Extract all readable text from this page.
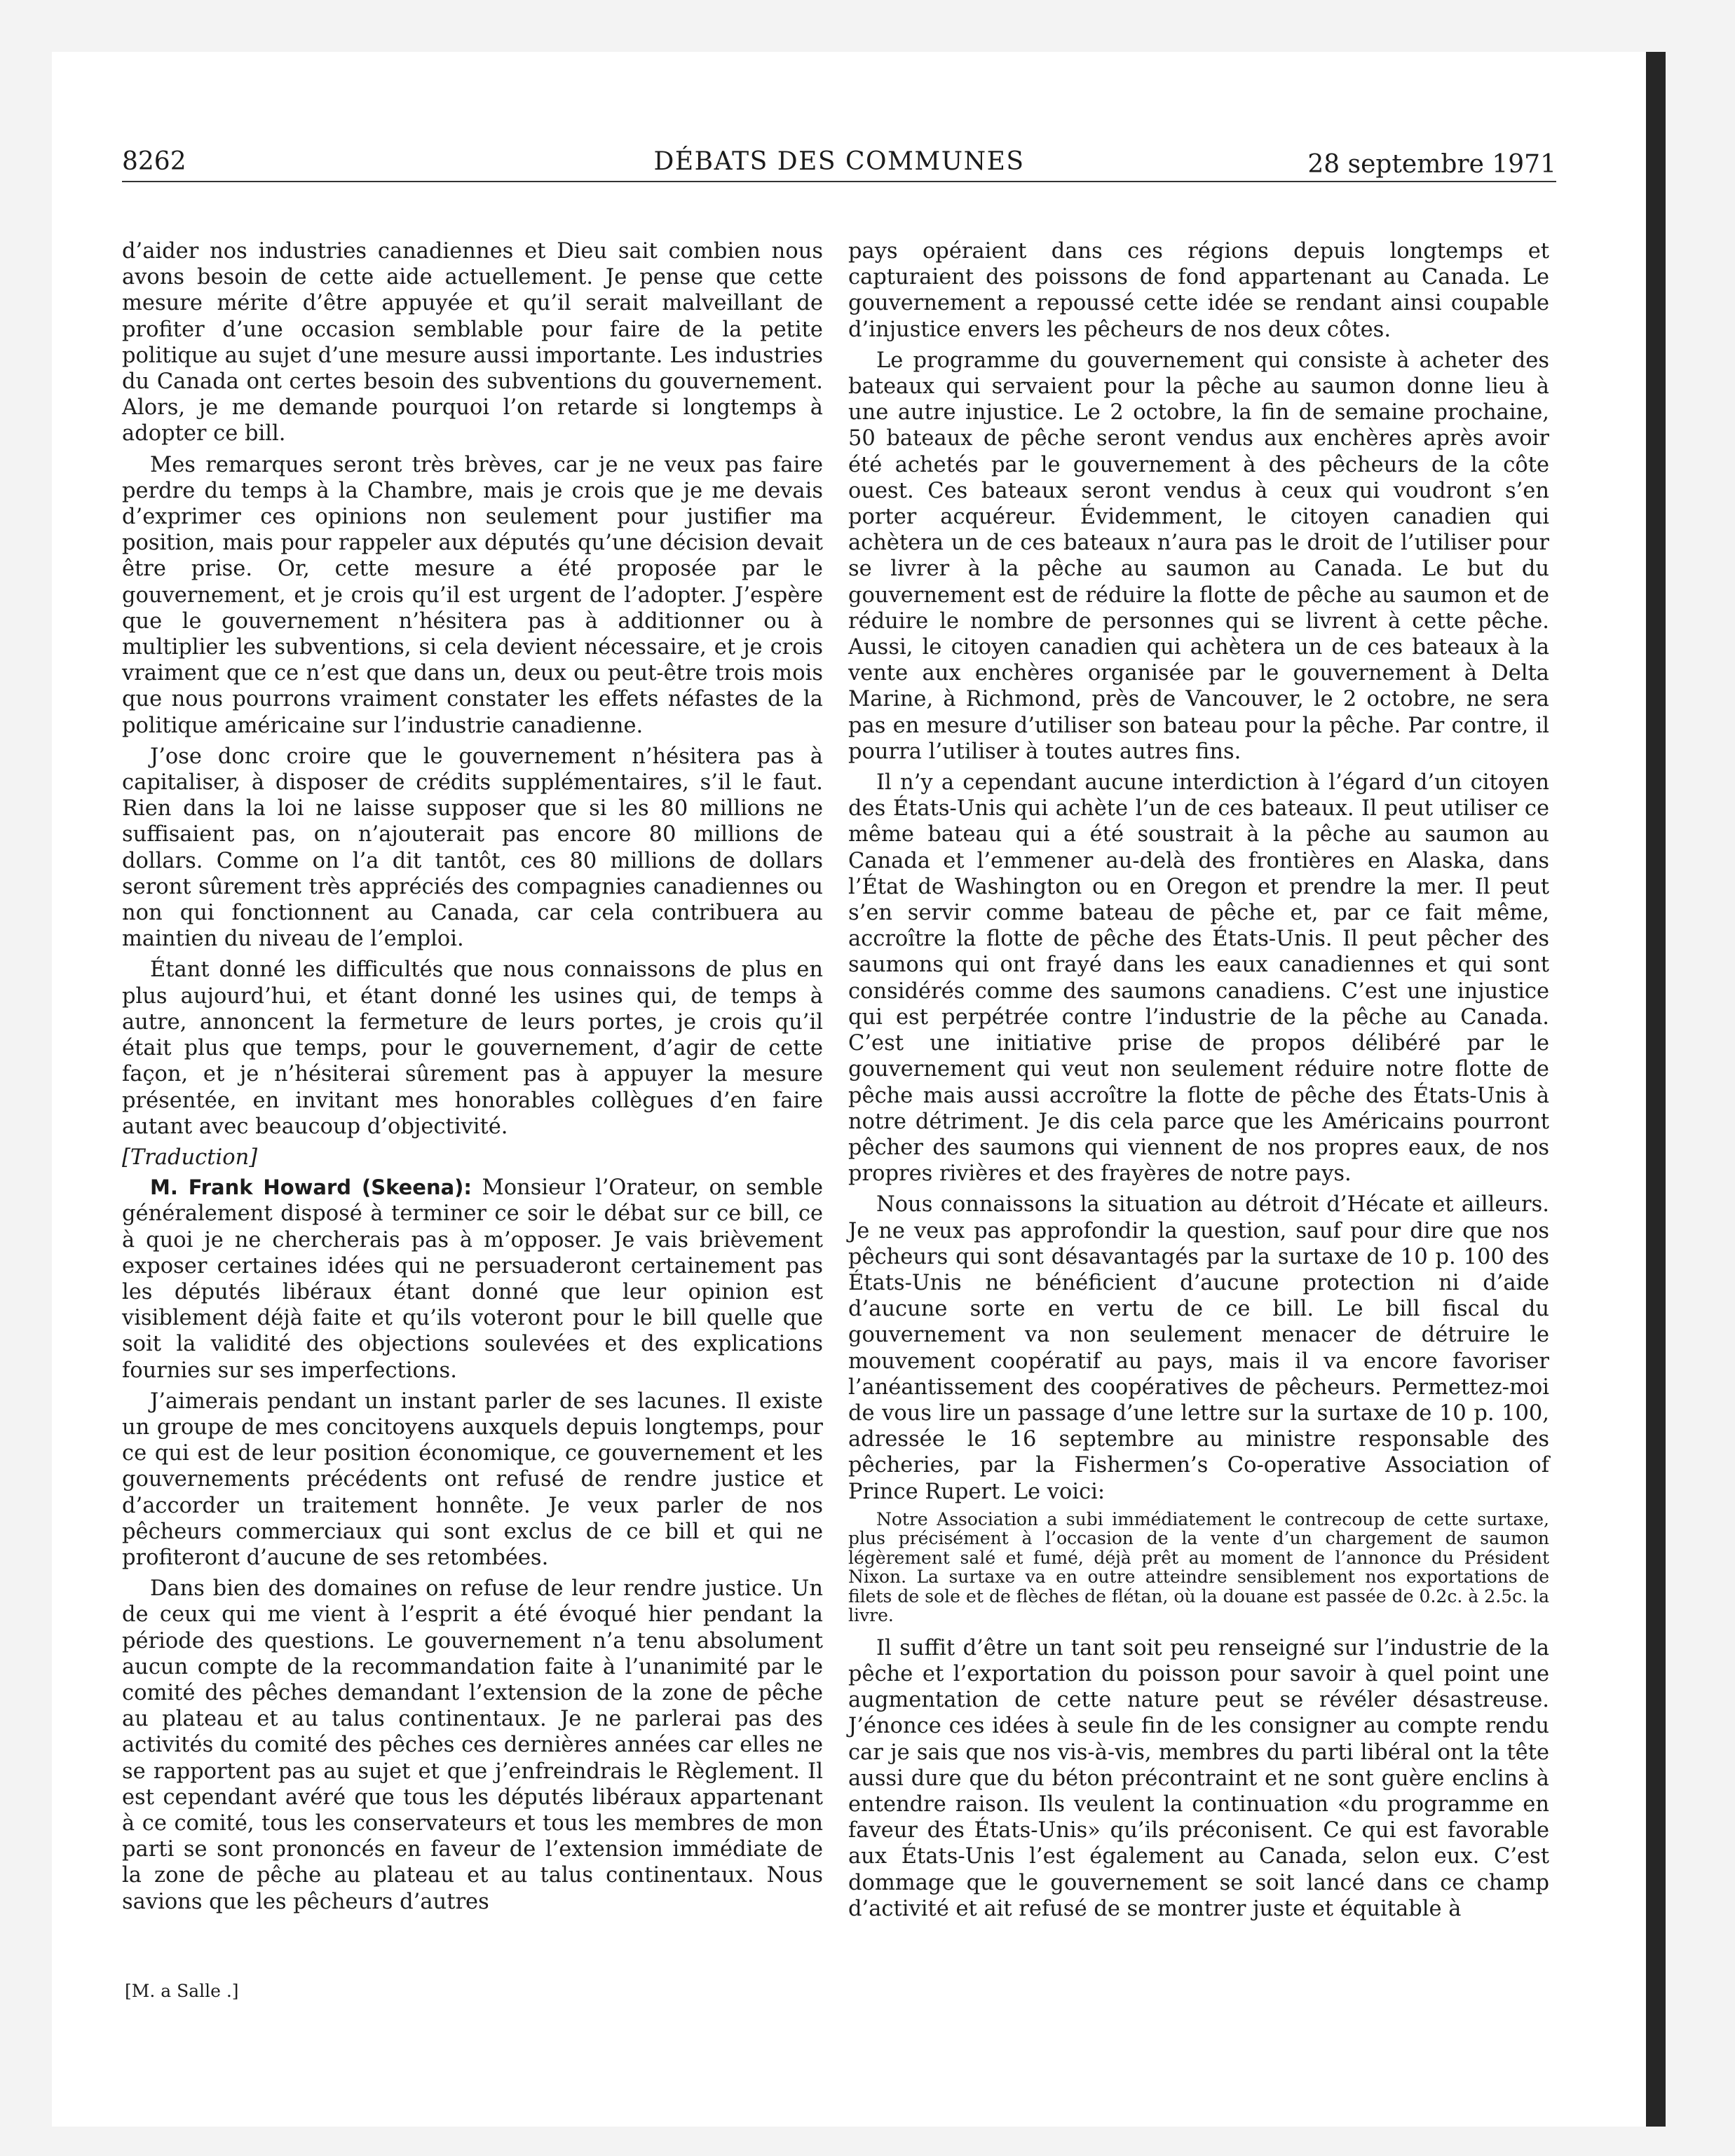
8262	DÉBATS DES COMMUNES	28 septembre 1971

d’aider nos industries canadiennes et Dieu sait combien nous avons besoin de cette aide actuellement. Je pense que cette mesure mérite d’être appuyée et qu’il serait malveillant de profiter d’une occasion semblable pour faire de la petite politique au sujet d’une mesure aussi importante. Les industries du Canada ont certes besoin des subventions du gouvernement. Alors, je me demande pourquoi l’on retarde si longtemps à adopter ce bill.

Mes remarques seront très brèves, car je ne veux pas faire perdre du temps à la Chambre, mais je crois que je me devais d’exprimer ces opinions non seulement pour justifier ma position, mais pour rappeler aux députés qu’une décision devait être prise. Or, cette mesure a été proposée par le gouvernement, et je crois qu’il est urgent de l’adopter. J’espère que le gouvernement n’hésitera pas à additionner ou à multiplier les subventions, si cela devient nécessaire, et je crois vraiment que ce n’est que dans un, deux ou peut-être trois mois que nous pourrons vraiment constater les effets néfastes de la politique américaine sur l’industrie canadienne.

J’ose donc croire que le gouvernement n’hésitera pas à capitaliser, à disposer de crédits supplémentaires, s’il le faut. Rien dans la loi ne laisse supposer que si les 80 millions ne suffisaient pas, on n’ajouterait pas encore 80 millions de dollars. Comme on l’a dit tantôt, ces 80 millions de dollars seront sûrement très appréciés des compagnies canadiennes ou non qui fonctionnent au Canada, car cela contribuera au maintien du niveau de l’emploi.

Étant donné les difficultés que nous connaissons de plus en plus aujourd’hui, et étant donné les usines qui, de temps à autre, annoncent la fermeture de leurs portes, je crois qu’il était plus que temps, pour le gouvernement, d’agir de cette façon, et je n’hésiterai sûrement pas à appuyer la mesure présentée, en invitant mes honorables collègues d’en faire autant avec beaucoup d’objectivité.

[Traduction]

M. Frank Howard (Skeena): Monsieur l’Orateur, on semble généralement disposé à terminer ce soir le débat sur ce bill, ce à quoi je ne chercherais pas à m’opposer. Je vais brièvement exposer certaines idées qui ne persuaderont certainement pas les députés libéraux étant donné que leur opinion est visiblement déjà faite et qu’ils voteront pour le bill quelle que soit la validité des objections soulevées et des explications fournies sur ses imperfections.

J’aimerais pendant un instant parler de ses lacunes. Il existe un groupe de mes concitoyens auxquels depuis longtemps, pour ce qui est de leur position économique, ce gouvernement et les gouvernements précédents ont refusé de rendre justice et d’accorder un traitement honnête. Je veux parler de nos pêcheurs commerciaux qui sont exclus de ce bill et qui ne profiteront d’aucune de ses retombées.

Dans bien des domaines on refuse de leur rendre justice. Un de ceux qui me vient à l’esprit a été évoqué hier pendant la période des questions. Le gouvernement n’a tenu absolument aucun compte de la recommandation faite à l’unanimité par le comité des pêches demandant l’extension de la zone de pêche au plateau et au talus continentaux. Je ne parlerai pas des activités du comité des pêches ces dernières années car elles ne se rapportent pas au sujet et que j’enfreindrais le Règlement. Il est cependant avéré que tous les députés libéraux appartenant à ce comité, tous les conservateurs et tous les membres de mon parti se sont prononcés en faveur de l’extension immédiate de la zone de pêche au plateau et au talus continentaux. Nous savions que les pêcheurs d’autres

pays opéraient dans ces régions depuis longtemps et capturaient des poissons de fond appartenant au Canada. Le gouvernement a repoussé cette idée se rendant ainsi coupable d’injustice envers les pêcheurs de nos deux côtes.

Le programme du gouvernement qui consiste à acheter des bateaux qui servaient pour la pêche au saumon donne lieu à une autre injustice. Le 2 octobre, la fin de semaine prochaine, 50 bateaux de pêche seront vendus aux enchères après avoir été achetés par le gouvernement à des pêcheurs de la côte ouest. Ces bateaux seront vendus à ceux qui voudront s’en porter acquéreur. Évidemment, le citoyen canadien qui achètera un de ces bateaux n’aura pas le droit de l’utiliser pour se livrer à la pêche au saumon au Canada. Le but du gouvernement est de réduire la flotte de pêche au saumon et de réduire le nombre de personnes qui se livrent à cette pêche. Aussi, le citoyen canadien qui achètera un de ces bateaux à la vente aux enchères organisée par le gouvernement à Delta Marine, à Richmond, près de Vancouver, le 2 octobre, ne sera pas en mesure d’utiliser son bateau pour la pêche. Par contre, il pourra l’utiliser à toutes autres fins.

Il n’y a cependant aucune interdiction à l’égard d’un citoyen des États-Unis qui achète l’un de ces bateaux. Il peut utiliser ce même bateau qui a été soustrait à la pêche au saumon au Canada et l’emmener au-delà des frontières en Alaska, dans l’État de Washington ou en Oregon et prendre la mer. Il peut s’en servir comme bateau de pêche et, par ce fait même, accroître la flotte de pêche des États-Unis. Il peut pêcher des saumons qui ont frayé dans les eaux canadiennes et qui sont considérés comme des saumons canadiens. C’est une injustice qui est perpétrée contre l’industrie de la pêche au Canada. C’est une initiative prise de propos délibéré par le gouvernement qui veut non seulement réduire notre flotte de pêche mais aussi accroître la flotte de pêche des États-Unis à notre détriment. Je dis cela parce que les Américains pourront pêcher des saumons qui viennent de nos propres eaux, de nos propres rivières et des frayères de notre pays.

Nous connaissons la situation au détroit d’Hécate et ailleurs. Je ne veux pas approfondir la question, sauf pour dire que nos pêcheurs qui sont désavantagés par la surtaxe de 10 p. 100 des États-Unis ne bénéficient d’aucune protection ni d’aide d’aucune sorte en vertu de ce bill. Le bill fiscal du gouvernement va non seulement menacer de détruire le mouvement coopératif au pays, mais il va encore favoriser l’anéantissement des coopératives de pêcheurs. Permettez-moi de vous lire un passage d’une lettre sur la surtaxe de 10 p. 100, adressée le 16 septembre au ministre responsable des pêcheries, par la Fishermen’s Co-operative Association of Prince Rupert. Le voici:

Notre Association a subi immédiatement le contrecoup de cette surtaxe, plus précisément à l’occasion de la vente d’un chargement de saumon légèrement salé et fumé, déjà prêt au moment de l’annonce du Président Nixon. La surtaxe va en outre atteindre sensiblement nos exportations de filets de sole et de flèches de flétan, où la douane est passée de 0.2c. à 2.5c. la livre.

Il suffit d’être un tant soit peu renseigné sur l’industrie de la pêche et l’exportation du poisson pour savoir à quel point une augmentation de cette nature peut se révéler désastreuse. J’énonce ces idées à seule fin de les consigner au compte rendu car je sais que nos vis-à-vis, membres du parti libéral ont la tête aussi dure que du béton précontraint et ne sont guère enclins à entendre raison. Ils veulent la continuation «du programme en faveur des États-Unis» qu’ils préconisent. Ce qui est favorable aux États-Unis l’est également au Canada, selon eux. C’est dommage que le gouvernement se soit lancé dans ce champ d’activité et ait refusé de se montrer juste et équitable à

[M. a Salle .]
